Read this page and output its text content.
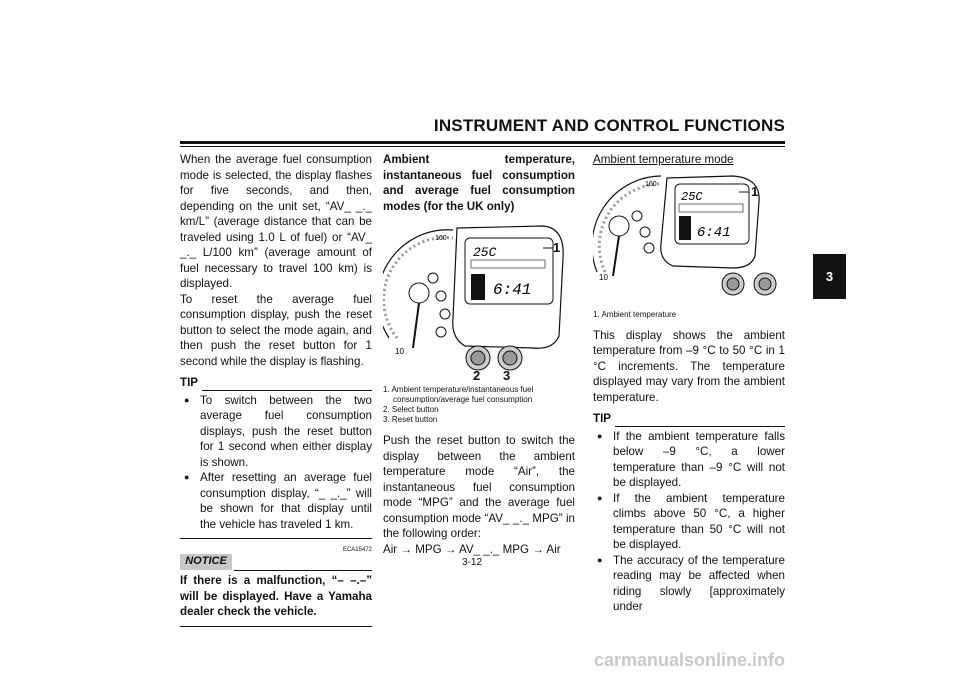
INSTRUMENT AND CONTROL FUNCTIONS
3

When the average fuel consumption mode is selected, the display flashes for five seconds, and then, depending on the unit set, “AV_ _._ km/L” (average distance that can be traveled using 1.0 L of fuel) or “AV_ _._ L/100 km” (average amount of fuel necessary to travel 100 km) is displayed.

To reset the average fuel consumption display, push the reset button to select the mode again, and then push the reset button for 1 second while the display is flashing.

TIP
● To switch between the two average fuel consumption displays, push the reset button for 1 second when either display is shown.
● After resetting an average fuel consumption display, “_ _._” will be shown for that display until the vehicle has traveled 1 km.
ECA15472
NOTICE

If there is a malfunction, “– –.–” will be displayed. Have a Yamaha dealer check the vehicle.

Ambient temperature, instantaneous fuel consumption and average fuel consumption modes (for the UK only)

10
160
25C
6:41
1
2 3
1. Ambient temperature/instantaneous fuel consumption/average fuel consumption
2. Select button
3. Reset button

Push the reset button to switch the display between the ambient temperature mode “Air”, the instantaneous fuel consumption mode “MPG” and the average fuel consumption mode “AV_ _._ MPG” in the following order:

Air → MPG → AV_ _._ MPG → Air

Ambient temperature mode

10
160
25C
6:41
1
1. Ambient temperature

This display shows the ambient temperature from –9 °C to 50 °C in 1 °C increments. The temperature displayed may vary from the ambient temperature.

TIP
● If the ambient temperature falls below –9 °C, a lower temperature than –9 °C will not be displayed.
● If the ambient temperature climbs above 50 °C, a higher temperature than 50 °C will not be displayed.
● The accuracy of the temperature reading may be affected when riding slowly [approximately under
3-12
carmanualsonline.info
